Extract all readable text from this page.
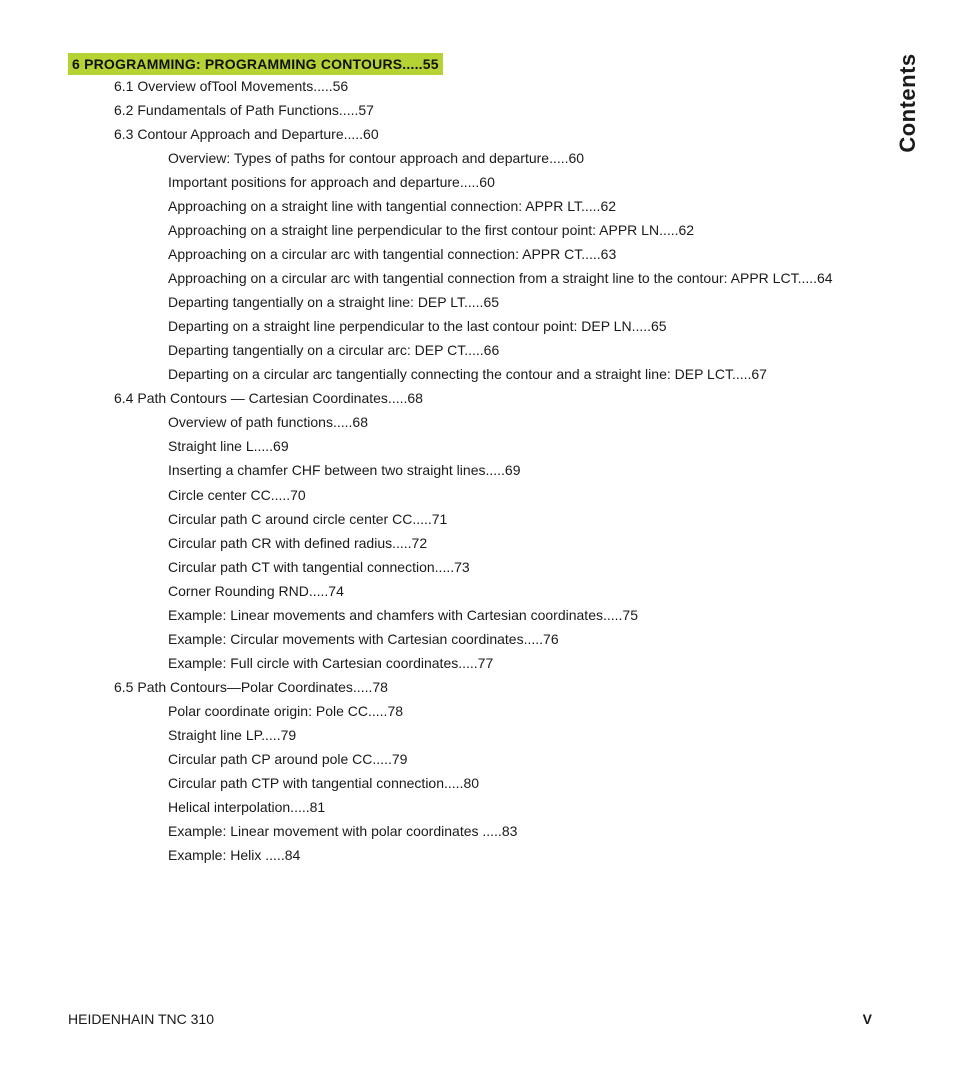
6 PROGRAMMING: PROGRAMMING CONTOURS.....55
6.1 Overview ofTool Movements.....56
6.2 Fundamentals of Path Functions.....57
6.3 Contour Approach and Departure.....60
Overview: Types of paths for contour approach and departure.....60
Important positions for approach and departure.....60
Approaching on a straight line with tangential connection: APPR LT.....62
Approaching on a straight line perpendicular to the first contour point: APPR LN.....62
Approaching on a circular arc with tangential connection: APPR CT.....63
Approaching on a circular arc with tangential connection from a straight line to the contour: APPR LCT.....64
Departing tangentially on a straight line: DEP LT.....65
Departing on a straight line perpendicular to the last contour point: DEP LN.....65
Departing tangentially on a circular arc: DEP CT.....66
Departing on a circular arc tangentially connecting the contour and a straight line: DEP LCT.....67
6.4 Path Contours — Cartesian Coordinates.....68
Overview of path functions.....68
Straight line L.....69
Inserting a chamfer CHF between two straight lines.....69
Circle center CC.....70
Circular path C around circle center CC.....71
Circular path CR with defined radius.....72
Circular path CT with tangential connection.....73
Corner Rounding RND.....74
Example: Linear movements and chamfers with Cartesian coordinates.....75
Example: Circular movements with Cartesian coordinates.....76
Example: Full circle with Cartesian coordinates.....77
6.5 Path Contours—Polar Coordinates.....78
Polar coordinate origin: Pole CC.....78
Straight line LP.....79
Circular path CP around pole CC.....79
Circular path CTP with tangential connection.....80
Helical interpolation.....81
Example: Linear movement with polar coordinates .....83
Example: Helix .....84
Contents
HEIDENHAIN TNC 310	V
